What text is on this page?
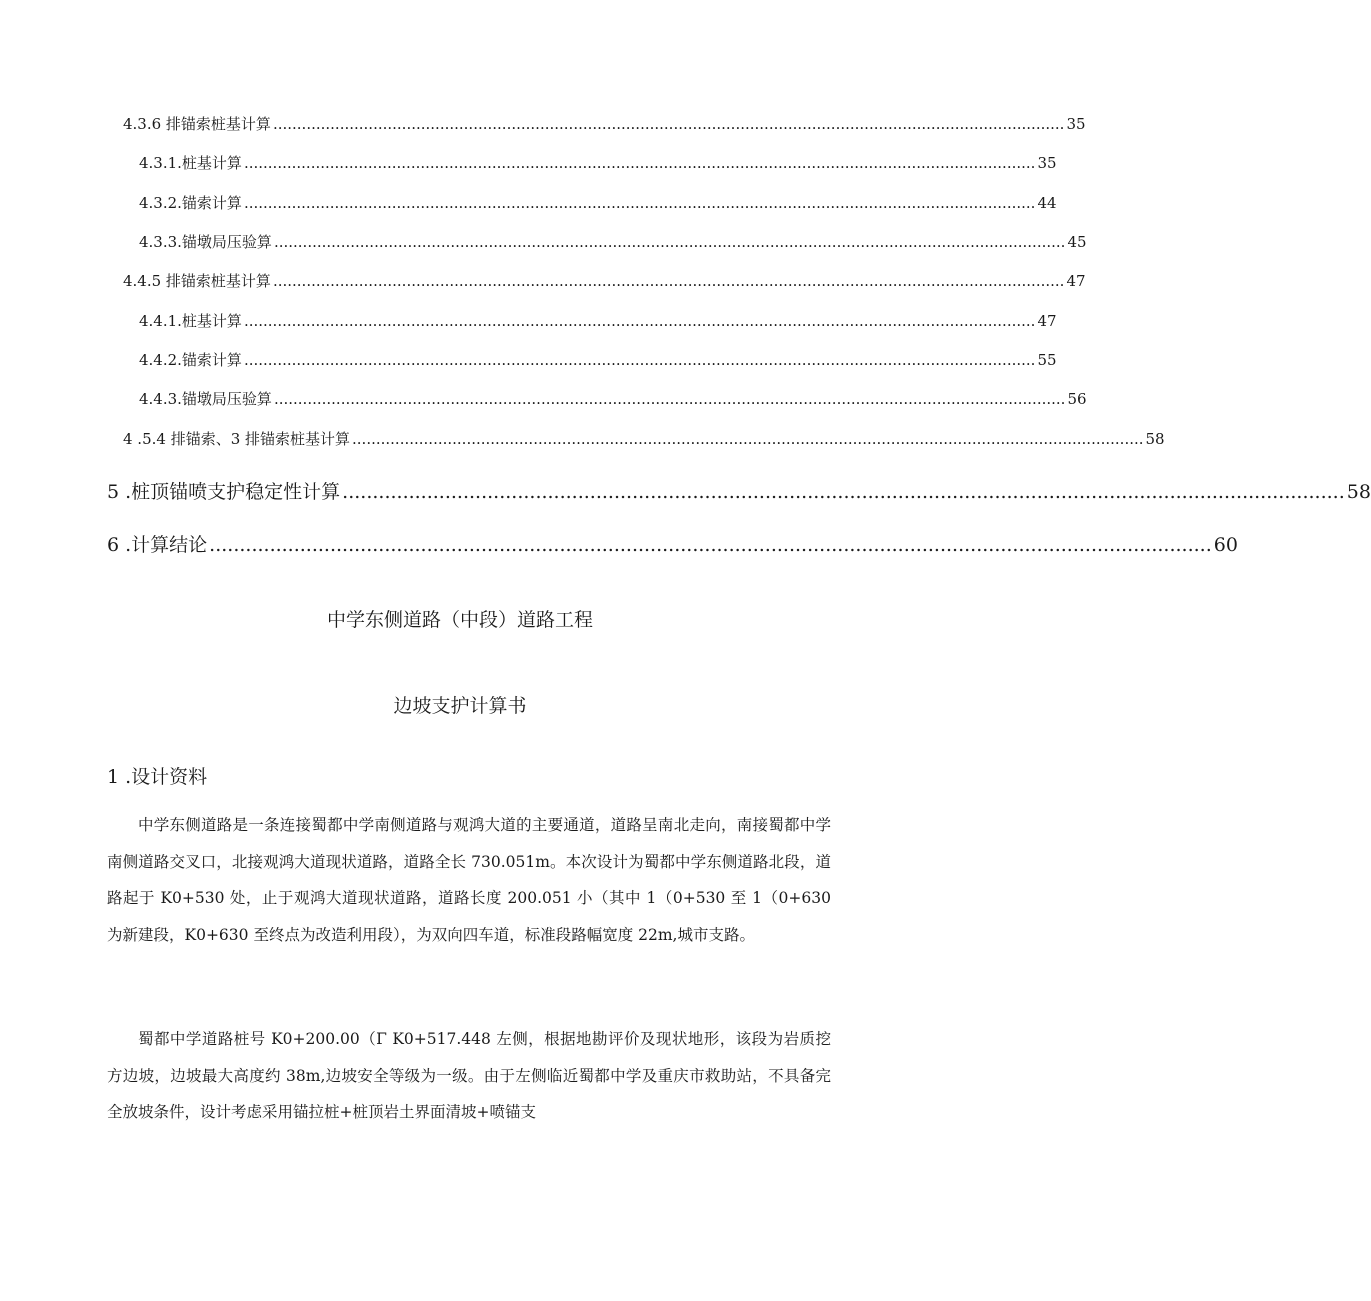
4.3.6 排锚索桩基计算 ...................................................................................................................................................................... 35
4.3.1.桩基计算 ...................................................................................................................................................................... 35
4.3.2.锚索计算 ...................................................................................................................................................................... 44
4.3.3.锚墩局压验算 ...................................................................................................................................................................... 45
4.4.5 排锚索桩基计算 ...................................................................................................................................................................... 47
4.4.1.桩基计算 ...................................................................................................................................................................... 47
4.4.2.锚索计算 ...................................................................................................................................................................... 55
4.4.3.锚墩局压验算 ...................................................................................................................................................................... 56
4 .5.4 排锚索、3 排锚索桩基计算 ...................................................................................................................................................................... 58
5 .桩顶锚喷支护稳定性计算 ...................................................................................................................................................................... 58
6 .计算结论 ...................................................................................................................................................................... 60
中学东侧道路（中段）道路工程
边坡支护计算书
1 .设计资料

中学东侧道路是一条连接蜀都中学南侧道路与观鸿大道的主要通道，道路呈南北走向，南接蜀都中学南侧道路交叉口，北接观鸿大道现状道路，道路全长 730.051m。本次设计为蜀都中学东侧道路北段，道路起于 K0+530 处，止于观鸿大道现状道路，道路长度 200.051 小（其中 1（0+530 至 1（0+630 为新建段，K0+630 至终点为改造利用段），为双向四车道，标准段路幅宽度 22m,城市支路。

蜀都中学道路桩号 K0+200.00（Γ K0+517.448 左侧，根据地勘评价及现状地形，该段为岩质挖方边坡，边坡最大高度约 38m,边坡安全等级为一级。由于左侧临近蜀都中学及重庆市救助站，不具备完全放坡条件，设计考虑采用锚拉桩+桩顶岩土界面清坡+喷锚支
